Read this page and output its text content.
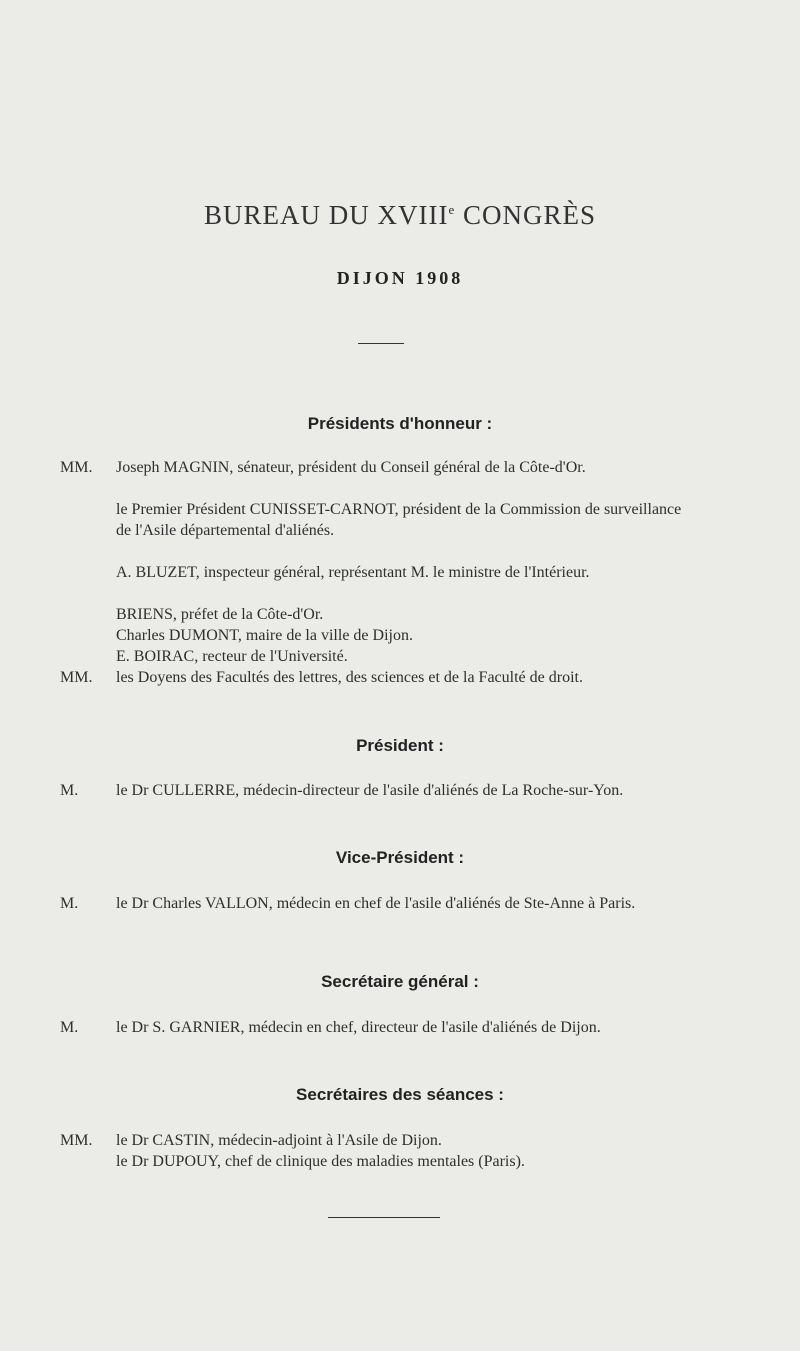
BUREAU DU XVIIIe CONGRÈS
DIJON 1908
Présidents d'honneur :
MM. Joseph MAGNIN, sénateur, président du Conseil général de la Côte-d'Or.
le Premier Président CUNISSET-CARNOT, président de la Commission de surveillance de l'Asile départemental d'aliénés.
A. BLUZET, inspecteur général, représentant M. le ministre de l'Intérieur.
BRIENS, préfet de la Côte-d'Or.
Charles DUMONT, maire de la ville de Dijon.
E. BOIRAC, recteur de l'Université.
MM. les Doyens des Facultés des lettres, des sciences et de la Faculté de droit.
Président :
M. le Dr CULLERRE, médecin-directeur de l'asile d'aliénés de La Roche-sur-Yon.
Vice-Président :
M. le Dr Charles VALLON, médecin en chef de l'asile d'aliénés de Ste-Anne à Paris.
Secrétaire général :
M. le Dr S. GARNIER, médecin en chef, directeur de l'asile d'aliénés de Dijon.
Secrétaires des séances :
MM. le Dr CASTIN, médecin-adjoint à l'Asile de Dijon.
le Dr DUPOUY, chef de clinique des maladies mentales (Paris).
